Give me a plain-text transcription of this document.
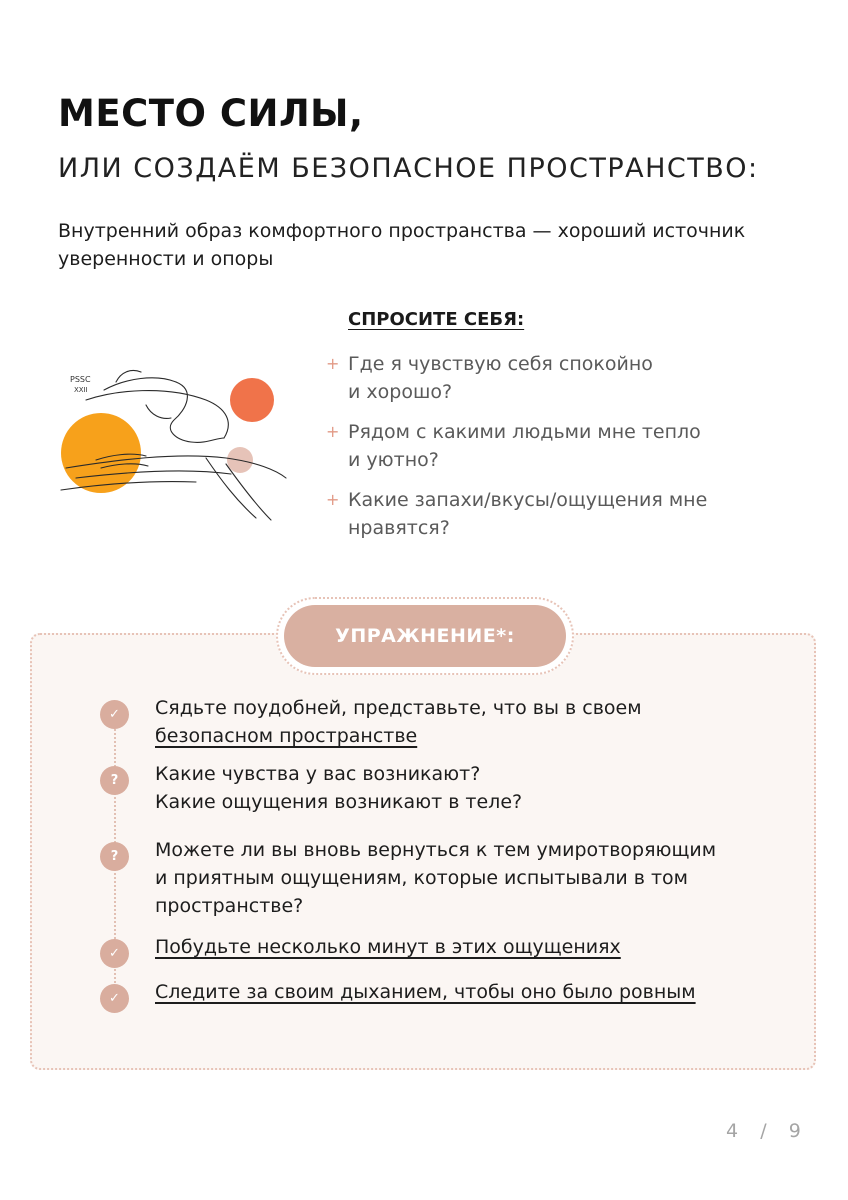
МЕСТО СИЛЫ,
ИЛИ СОЗДАЁМ БЕЗОПАСНОЕ ПРОСТРАНСТВО:
Внутренний образ комфортного пространства — хороший источник
уверенности и опоры
СПРОСИТЕ СЕБЯ:
+ Где я чувствую себя спокойно
и хорошо?
+ Рядом с какими людьми мне тепло
и уютно?
+ Какие запахи/вкусы/ощущения мне
нравятся?
PSSC
XXII
УПРАЖНЕНИЕ*:
✓	Сядьте поудобней, представьте, что вы в своем
безопасном пространстве
?	Какие чувства у вас возникают?
Какие ощущения возникают в теле?
?	Можете ли вы вновь вернуться к тем умиротворяющим
и приятным ощущениям, которые испытывали в том
пространстве?
✓	Побудьте несколько минут в этих ощущениях
✓	Следите за своим дыханием, чтобы оно было ровным
4 / 9
